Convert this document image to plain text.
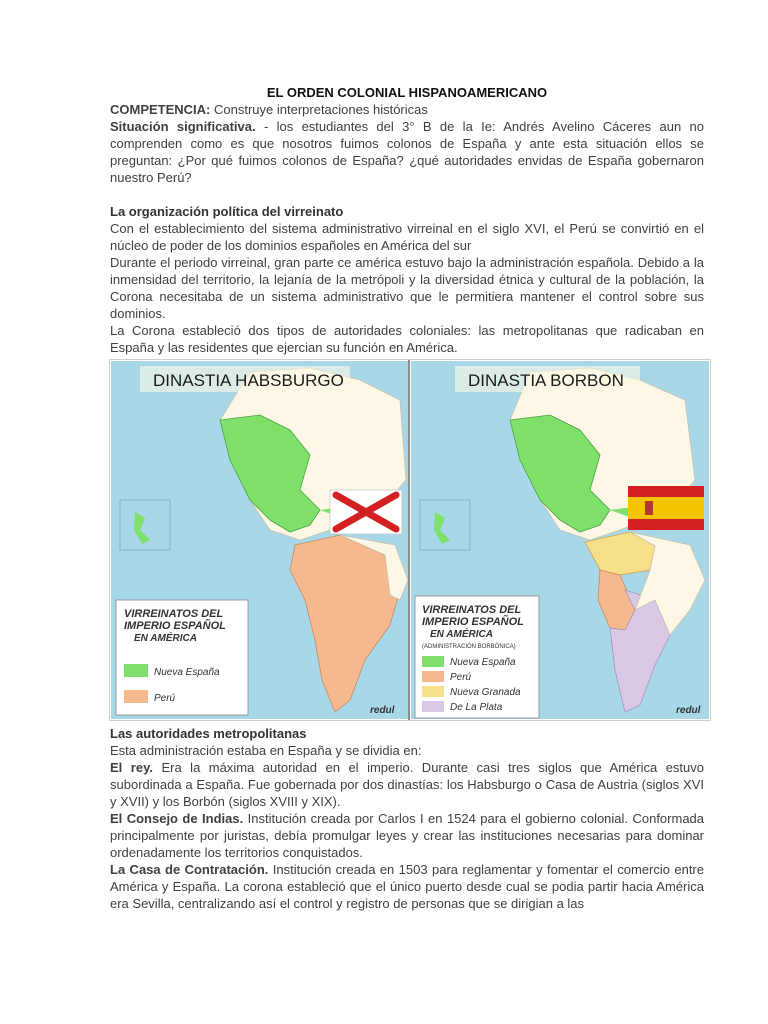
EL ORDEN COLONIAL HISPANOAMERICANO

COMPETENCIA: Construye interpretaciones históricas

Situación significativa. - los estudiantes del 3° B de la Ie: Andrés Avelino Cáceres aun no comprenden como es que nosotros fuimos colonos de España y ante esta situación ellos se preguntan: ¿Por qué fuimos colonos de España? ¿qué autoridades envidas de España gobernaron nuestro Perú?

La organización política del virreinato

Con el establecimiento del sistema administrativo virreinal en el siglo XVI, el Perú se convirtió en el núcleo de poder de los dominios españoles en América del sur

Durante el periodo virreinal, gran parte ce américa estuvo bajo la administración española. Debido a la inmensidad del territorio, la lejanía de la metrópoli y la diversidad étnica y cultural de la población, la Corona necesitaba de un sistema administrativo que le permitiera mantener el control sobre sus dominios.

La Corona estableció dos tipos de autoridades coloniales: las metropolitanas que radicaban en España y las residentes que ejercian su función en América.

DINASTIA HABSBURGO
VIRREINATOS DEL
IMPERIO ESPAÑOL
EN AMÉRICA
Nueva España
Perú
redul
DINASTIA BORBON
VIRREINATOS DEL
IMPERIO ESPAÑOL
EN AMÉRICA
(ADMINISTRACIÓN BORBÓNICA)
Nueva España
Perú
Nueva Granada
De La Plata	redul
Las autoridades metropolitanas

Esta administración estaba en España y se dividia en:

El rey. Era la máxima autoridad en el imperio. Durante casi tres siglos que América estuvo subordinada a España. Fue gobernada por dos dinastías: los Habsburgo o Casa de Austria (siglos XVI y XVII) y los Borbón (siglos XVIII y XIX).

El Consejo de Indias. Institución creada por Carlos I en 1524 para el gobierno colonial. Conformada principalmente por juristas, debía promulgar leyes y crear las instituciones necesarias para dominar ordenadamente los territorios conquistados.

La Casa de Contratación. Institución creada en 1503 para reglamentar y fomentar el comercio entre América y España. La corona estableció que el único puerto desde cual se podia partir hacia América era Sevilla, centralizando así el control y registro de personas que se dirigian a las
